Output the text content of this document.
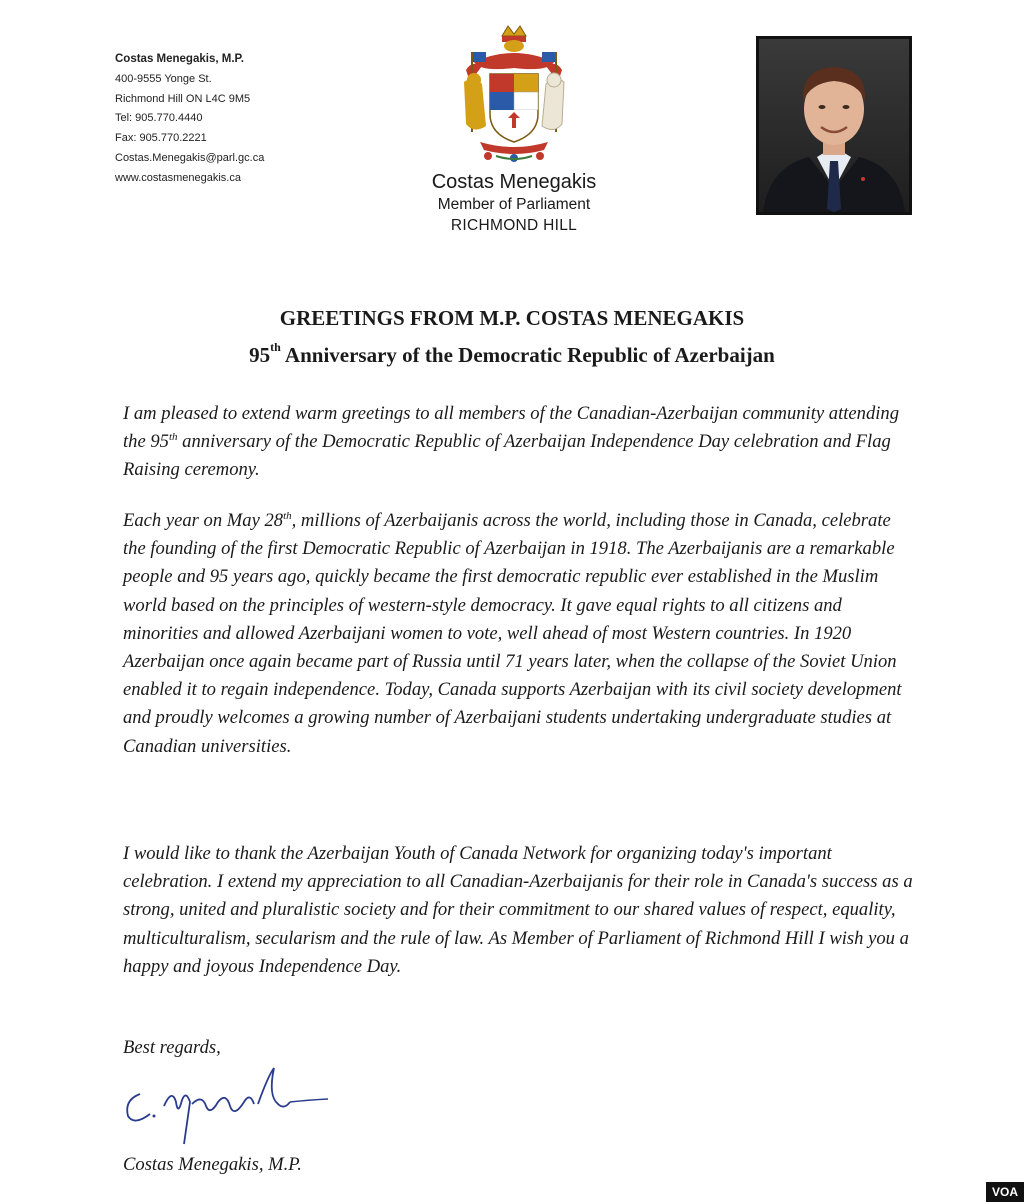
Costas Menegakis, M.P.
400-9555 Yonge St.
Richmond Hill ON L4C 9M5
Tel: 905.770.4440
Fax: 905.770.2221
Costas.Menegakis@parl.gc.ca
www.costasmenegakis.ca	Costas Menegakis
Member of Parliament
RICHMOND HILL
GREETINGS FROM M.P. COSTAS MENEGAKIS
95th Anniversary of the Democratic Republic of Azerbaijan
I am pleased to extend warm greetings to all members of the Canadian-Azerbaijan community attending the 95th anniversary of the Democratic Republic of Azerbaijan Independence Day celebration and Flag Raising ceremony.
Each year on May 28th, millions of Azerbaijanis across the world, including those in Canada, celebrate the founding of the first Democratic Republic of Azerbaijan in 1918. The Azerbaijanis are a remarkable people and 95 years ago, quickly became the first democratic republic ever established in the Muslim world based on the principles of western-style democracy. It gave equal rights to all citizens and minorities and allowed Azerbaijani women to vote, well ahead of most Western countries. In 1920 Azerbaijan once again became part of Russia until 71 years later, when the collapse of the Soviet Union enabled it to regain independence. Today, Canada supports Azerbaijan with its civil society development and proudly welcomes a growing number of Azerbaijani students undertaking undergraduate studies at Canadian universities.
I would like to thank the Azerbaijan Youth of Canada Network for organizing today's important celebration. I extend my appreciation to all Canadian-Azerbaijanis for their role in Canada's success as a strong, united and pluralistic society and for their commitment to our shared values of respect, equality, multiculturalism, secularism and the rule of law. As Member of Parliament of Richmond Hill I wish you a happy and joyous Independence Day.
Best regards,
Costas Menegakis, M.P.
VOA
